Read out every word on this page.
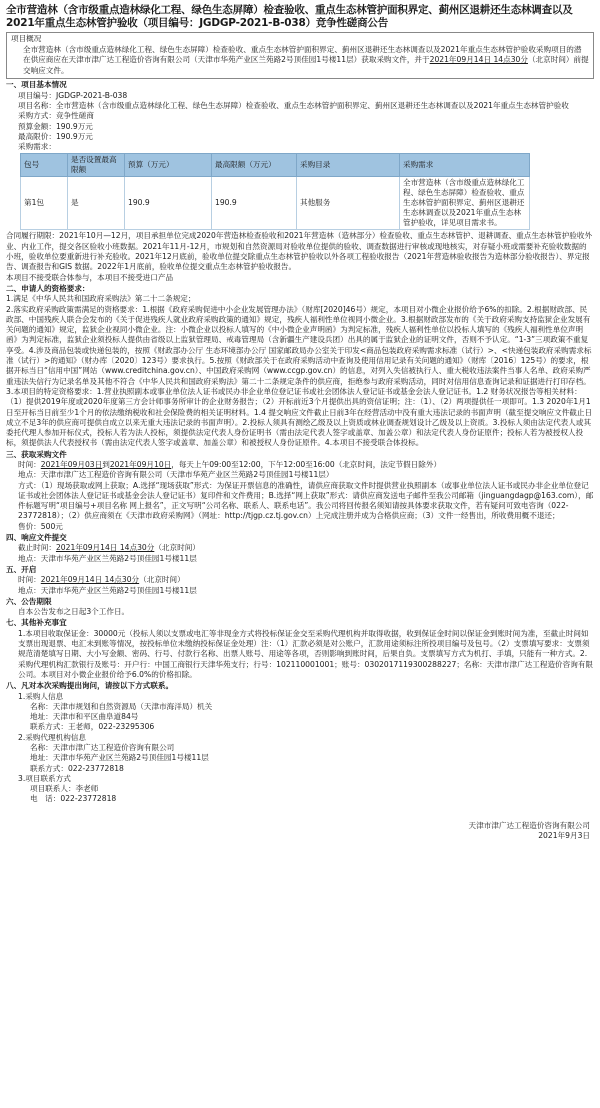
全市营造林（含市级重点造林绿化工程、绿色生态屏障）检查验收、重点生态林管护面积界定、蓟州区退耕还生态林调查以及2021年重点生态林管护验收（项目编号：JGDGP-2021-B-038）竞争性磋商公告
项目概况

全市营造林（含市级重点造林绿化工程、绿色生态屏障）检查验收、重点生态林管护面积界定、蓟州区退耕还生态林调查以及2021年重点生态林管护验收采购项目的潜在供应商应在天津市津广达工程造价咨询有限公司（天津市华苑产业区兰苑路2号顶佳园1号楼11层）获取采购文件，并于2021年09月14日 14点30分（北京时间）前提交响应文件。

一、项目基本情况

项目编号：JGDGP-2021-B-038

项目名称：全市营造林（含市级重点造林绿化工程、绿色生态屏障）检查验收、重点生态林管护面积界定、蓟州区退耕还生态林调查以及2021年重点生态林管护验收

采购方式：竞争性磋商

预算金额：190.9万元

最高限价：190.9万元

采购需求：

包号	是否设置最高限额	预算（万元）	最高限额（万元）	采购目录	采购需求
第1包	是	190.9	190.9	其他服务	全市营造林（含市级重点造林绿化工程、绿色生态屏障）检查验收、重点生态林管护面积界定、蓟州区退耕还生态林调查以及2021年重点生态林管护验收，详见项目需求书。

合同履行期限：2021年10月—12月，项目承担单位完成2020年营造林检查验收和2021年营造林（造林部分）检查验收、重点生态林管护、退耕调查、重点生态林管护验收外业、内业工作，提交各区验收小班数据。2021年11月-12月，市规划和自然资源局对验收单位提供的验收、调查数据进行审核或现地核实，对存疑小班或需要补充验收数据的小班，验收单位要重新进行补充验收。2021年12月底前，验收单位提交除重点生态林管护验收以外各项工程验收报告（2021年营造林验收报告为造林部分验收报告）、界定报告、调查报告和GIS 数据。2022年1月底前，验收单位提交重点生态林管护验收报告。

本项目不接受联合体参与，本项目不接受进口产品

二、申请人的资格要求：

1.满足《中华人民共和国政府采购法》第二十二条规定；

2.落实政府采购政策需满足的资格要求：1.根据《政府采购促进中小企业发展管理办法》（财库[2020]46号）规定，本项目对小微企业报价给予6%的扣除。2.根据财政部、民政部、中国残疾人联合会发布的《关于促进残疾人就业政府采购政策的通知》规定，残疾人福利性单位视同小微企业。3.根据财政部发布的《关于政府采购支持监狱企业发展有关问题的通知》规定，监狱企业视同小微企业。注：小微企业以投标人填写的《中小微企业声明函》为判定标准，残疾人福利性单位以投标人填写的《残疾人福利性单位声明函》为判定标准，监狱企业须投标人提供由省级以上监狱管理局、戒毒管理局（含新疆生产建设兵团）出具的属于监狱企业的证明文件，否则不予认定。“1-3”三项政策不重复享受。4.涉及商品包装或快递包装的，按照《财政部办公厅 生态环境部办公厅 国家邮政局办公室关于印发<商品包装政府采购需求标准（试行）>、<快递包装政府采购需求标准（试行）>的通知》（财办库〔2020〕123号）要求执行。5.按照《财政部关于在政府采购活动中查询及使用信用记录有关问题的通知》（财库〔2016〕125号）的要求，根据开标当日“信用中国”网站（www.creditchina.gov.cn）、中国政府采购网（www.ccgp.gov.cn）的信息，对列入失信被执行人、重大税收违法案件当事人名单、政府采购严重违法失信行为记录名单及其他不符合《中华人民共和国政府采购法》第二十二条规定条件的供应商，拒绝参与政府采购活动，同时对信用信息查询记录和证据进行打印存档。

3.本项目的特定资格要求：1.营业执照副本或事业单位法人证书或民办非企业单位登记证书或社会团体法人登记证书或基金会法人登记证书。1.2 财务状况报告等相关材料：（1）提供2019年度或2020年度第三方会计师事务所审计的企业财务报告；（2）开标前近3个月提供出具的资信证明；注：（1）、（2）两项提供任一项即可。1.3 2020年1月1日至开标当日前至少1个月的依法缴纳税收和社会保险费的相关证明材料。1.4 提交响应文件截止日前3年在经营活动中没有重大违法记录的书面声明（截至提交响应文件截止日成立不足3年的供应商可提供自成立以来无重大违法记录的书面声明）。2.投标人须具有测绘乙级及以上资质或林业调查规划设计乙级及以上资质。3.投标人须由法定代表人或其委托代理人参加开标仪式，投标人若为法人投标，须提供法定代表人身份证明书（需由法定代表人签字或盖章、加盖公章）和法定代表人身份证原件；投标人若为被授权人投标，须提供法人代表授权书（需由法定代表人签字或盖章、加盖公章）和被授权人身份证原件。4.本项目不接受联合体投标。

三、获取采购文件

时间：2021年09月03日到2021年09月10日，每天上午09:00至12:00，下午12:00至16:00（北京时间，法定节假日除外）

地点：天津市津广达工程造价咨询有限公司（天津市华苑产业区兰苑路2号顶佳园1号楼11层）

方式：（1）现场获取或网上获取；A.选择“现场获取”形式：为保证开票信息的准确性，请供应商获取文件时提供营业执照副本（或事业单位法人证书或民办非企业单位登记证书或社会团体法人登记证书或基金会法人登记证书）复印件和文件费用；B.选择“网上获取”形式：请供应商发送电子邮件至我公司邮箱（jinguangdagp@163.com），邮件标题写明“项目编号+项目名称 网上报名”，正文写明“公司名称、联系人、联系电话”。我公司将回传报名须知请按具体要求获取文件，若有疑问可致电咨询（022-23772818）；（2）供应商须在《天津市政府采购网》（网址：http://tjgp.cz.tj.gov.cn）上完成注册并成为合格供应商；（3）文件一经售出，所收费用概不退还；

售价：500元

四、响应文件提交

截止时间：2021年09月14日 14点30分（北京时间）

地点：天津市华苑产业区兰苑路2号顶佳园1号楼11层

五、开启

时间：2021年09月14日 14点30分（北京时间）

地点：天津市华苑产业区兰苑路2号顶佳园1号楼11层

六、公告期限

自本公告发布之日起3个工作日。

七、其他补充事宜

1.本项目收取保证金：30000元（投标人须以支票或电汇等非现金方式将投标保证金交至采购代理机构并取得收据，收到保证金时间以保证金到账时间为准，至截止时间如支票出现退票、电汇未到账等情况，按投标单位未缴纳投标保证金处理）注：（1）汇款必须是对公账户，汇款用途须标注所投项目编号及包号。（2）支票填写要求：支票须规范清楚填写日期、大小写金额、密码、行号、付款行名称、出票人账号、用途等各项，否则影响到账时间，后果自负。支票填写方式为机打、手填，只能有一种方式。2.采购代理机构汇款银行及账号：开户行：中国工商银行天津华苑支行；行号：102110001001；账号：0302017119300288227；名称：天津市津广达工程造价咨询有限公司。本项目对小微企业报价给予6.0%的价格扣除。

八、凡对本次采购提出询问，请按以下方式联系。

1.采购人信息

名称：天津市规划和自然资源局（天津市海洋局）机关

地址：天津市和平区曲阜道84号

联系方式：王老师，022-23295306

2.采购代理机构信息

名称：天津市津广达工程造价咨询有限公司

地址：天津市华苑产业区兰苑路2号顶佳园1号楼11层

联系方式：022-23772818

3.项目联系方式

项目联系人：李老师

电　话：022-23772818

天津市津广达工程造价咨询有限公司

2021年9月3日
